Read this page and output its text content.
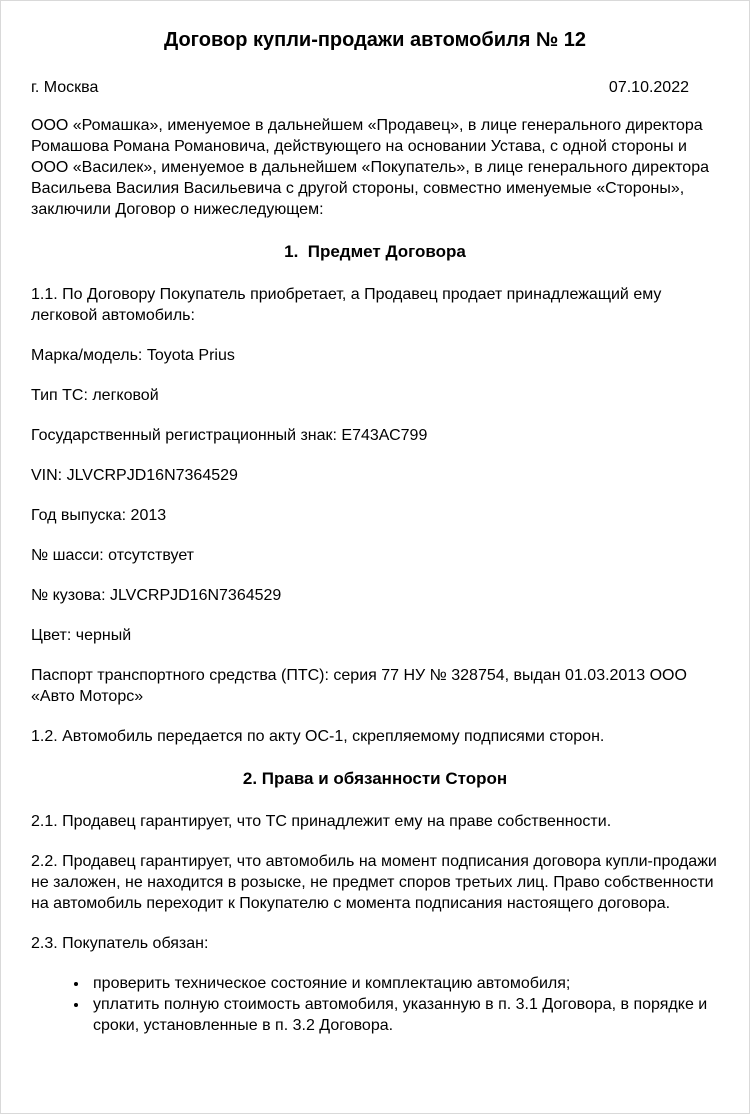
Договор купли-продажи автомобиля № 12
г. Москва	07.10.2022

ООО «Ромашка», именуемое в дальнейшем «Продавец», в лице генерального директора Ромашова Романа Романовича, действующего на основании Устава, с одной стороны и ООО «Василек», именуемое в дальнейшем «Покупатель», в лице генерального директора Васильева Василия Васильевича с другой стороны, совместно именуемые «Стороны», заключили Договор о нижеследующем:

1.  Предмет Договора

1.1. По Договору Покупатель приобретает, а Продавец продает принадлежащий ему легковой автомобиль:

Марка/модель: Toyota Prius

Тип ТС: легковой

Государственный регистрационный знак: Е743АС799

VIN: JLVCRPJD16N7364529

Год выпуска: 2013

№ шасси: отсутствует

№ кузова: JLVCRPJD16N7364529

Цвет: черный

Паспорт транспортного средства (ПТС): серия 77 НУ № 328754, выдан 01.03.2013 ООО «Авто Моторс»

1.2. Автомобиль передается по акту ОС-1, скрепляемому подписями сторон.

2. Права и обязанности Сторон

2.1. Продавец гарантирует, что ТС принадлежит ему на праве собственности.

2.2. Продавец гарантирует, что автомобиль на момент подписания договора купли-продажи не заложен, не находится в розыске, не предмет споров третьих лиц. Право собственности на автомобиль переходит к Покупателю с момента подписания настоящего договора.

2.3. Покупатель обязан:

• проверить техническое состояние и комплектацию автомобиля;
• уплатить полную стоимость автомобиля, указанную в п. 3.1 Договора, в порядке и сроки, установленные в п. 3.2 Договора.
